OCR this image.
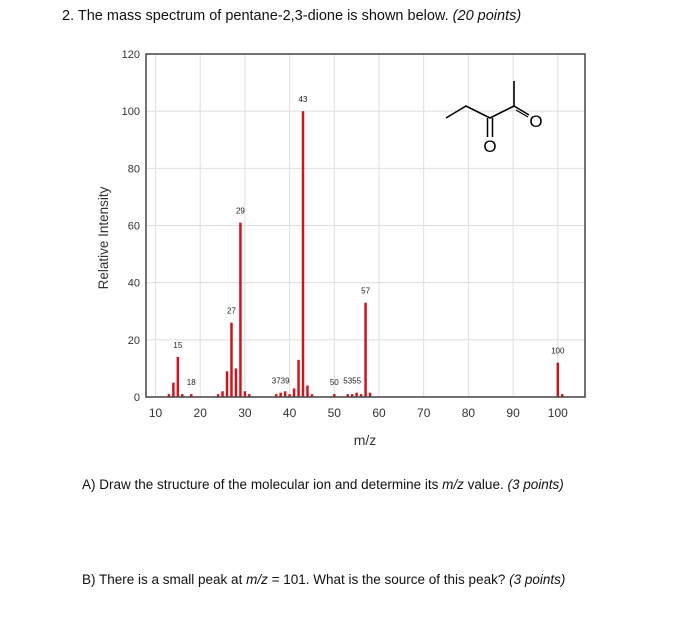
2. The mass spectrum of pentane-2,3-dione is shown below. (20 points)
0
20
40
60
80
100
120
10	20	30	40	50	60	70	80	90 100
15
18
27
29
3739
43
50 5355
57
100
Relative Intensity
m/z
O
O
A) Draw the structure of the molecular ion and determine its m/z value. (3 points)
B) There is a small peak at m/z = 101. What is the source of this peak? (3 points)
